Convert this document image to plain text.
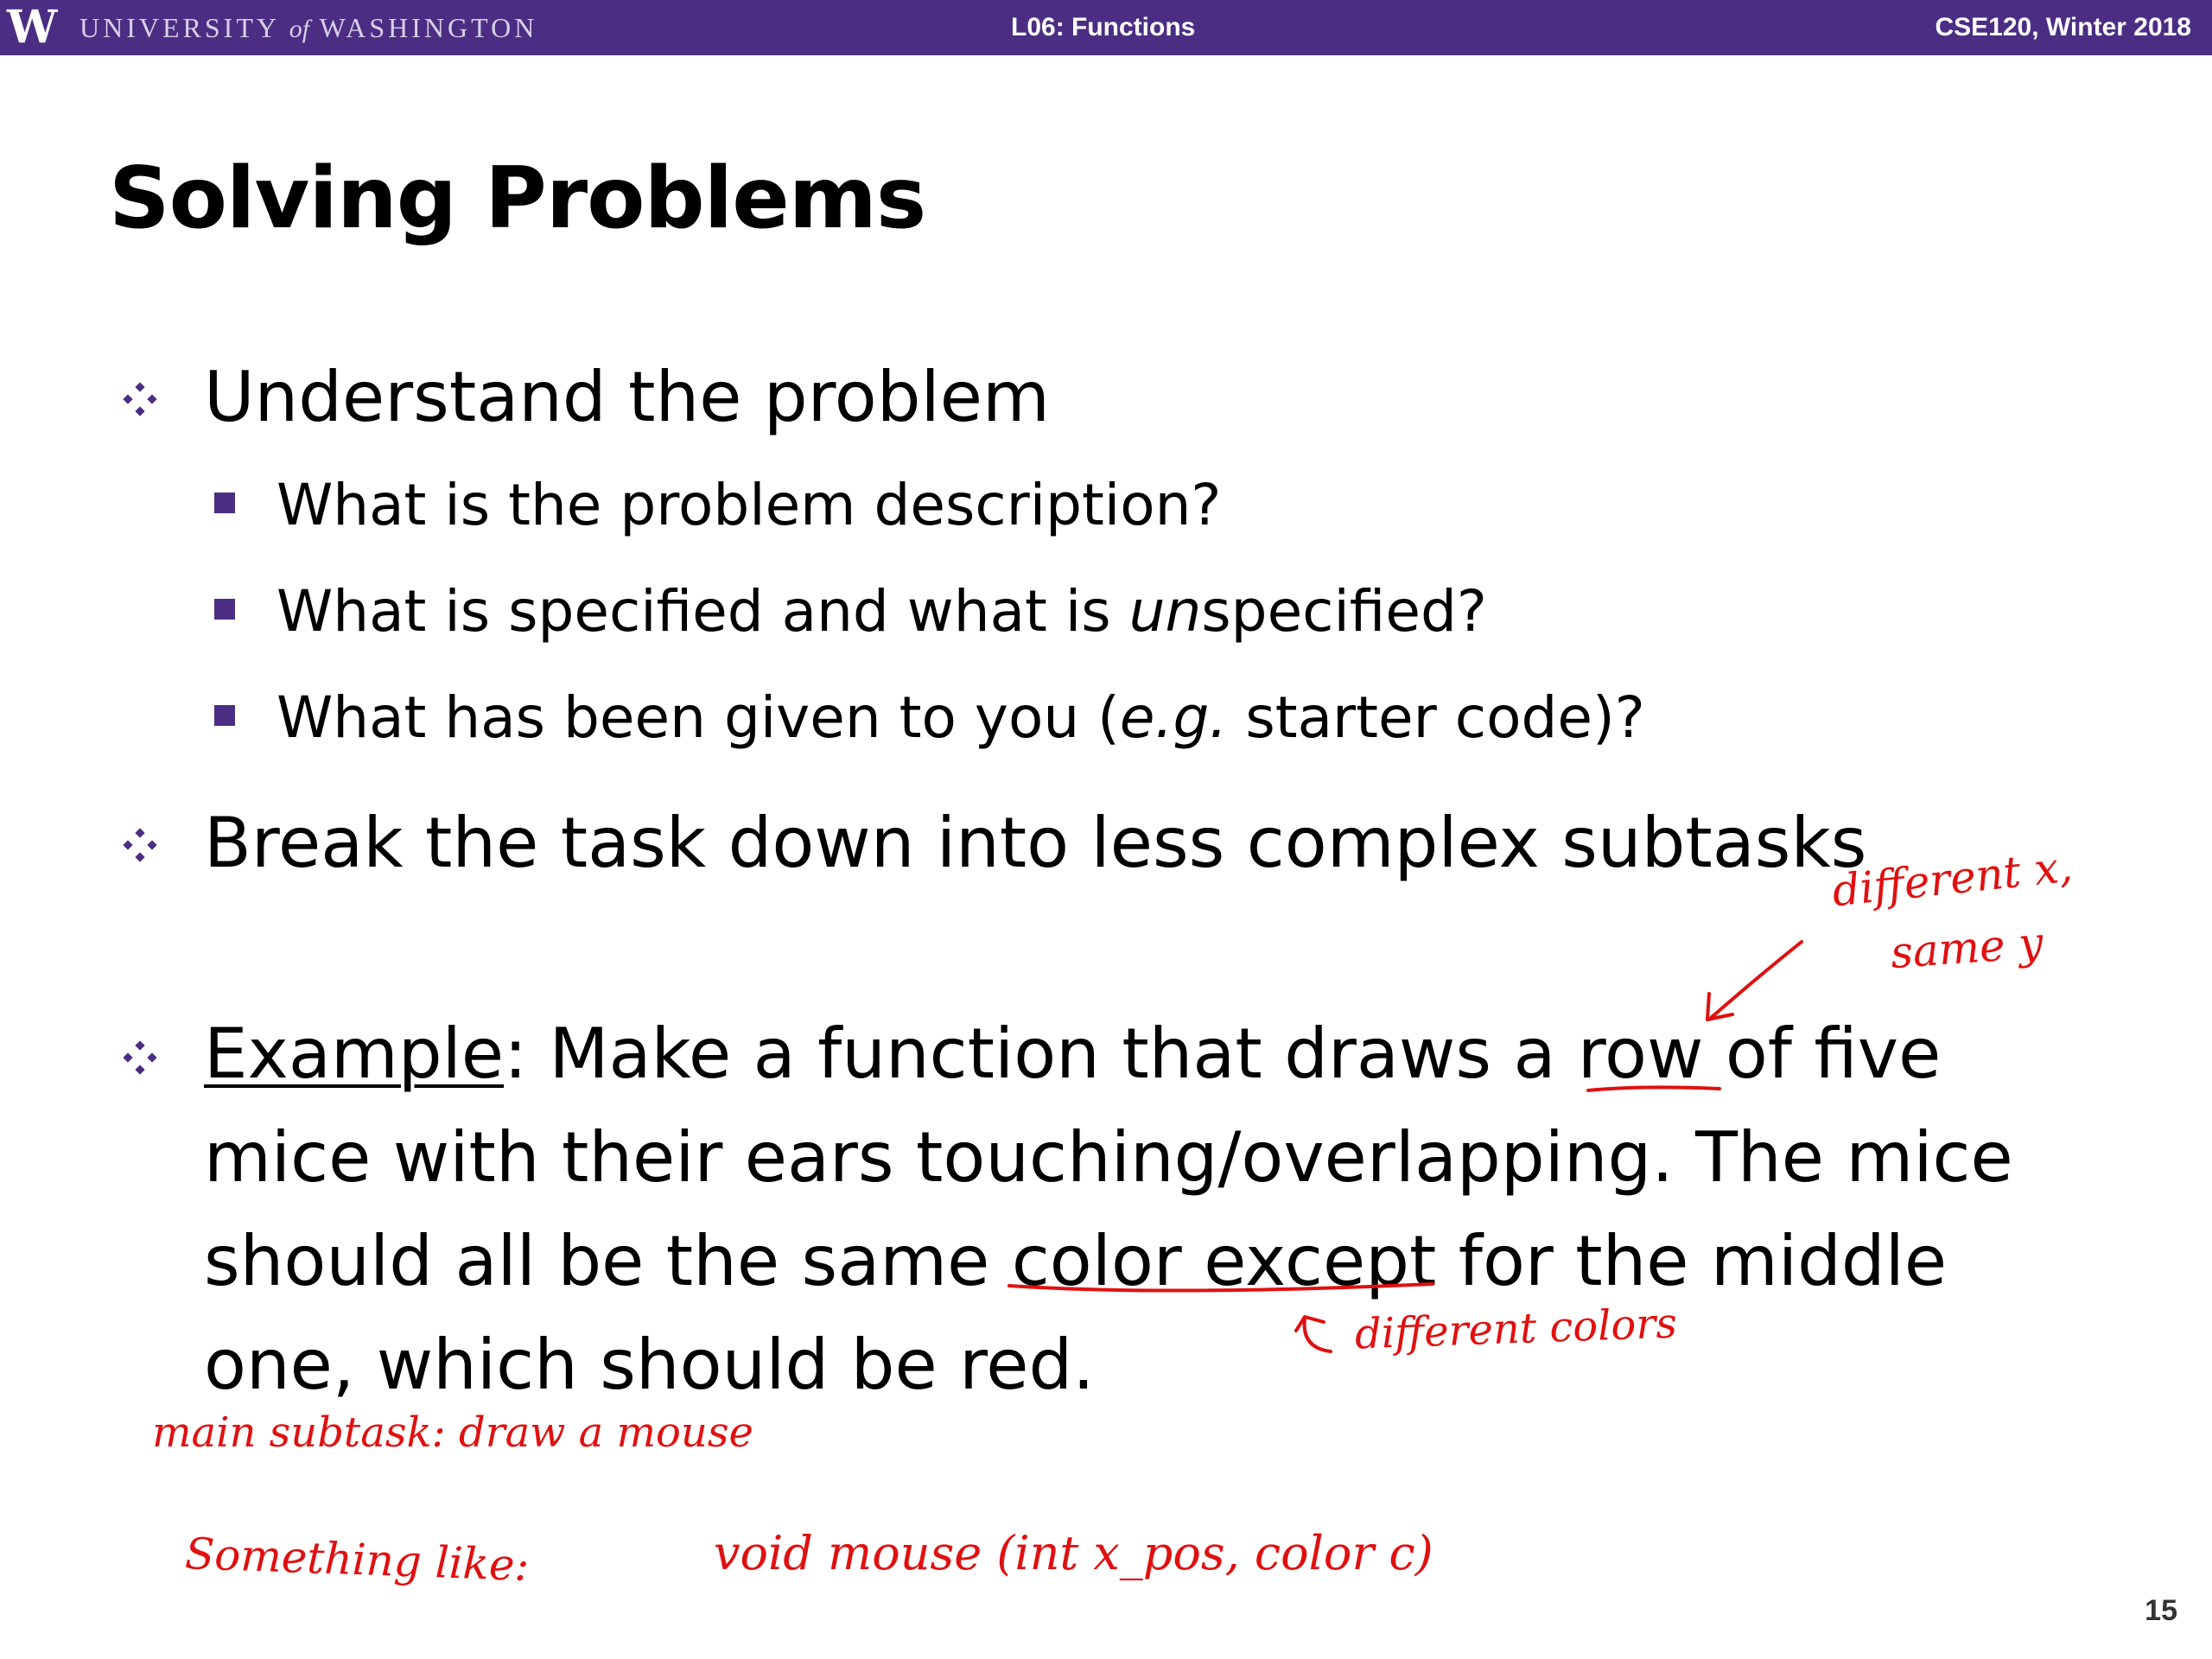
W UNIVERSITY of WASHINGTON	L06: Functions	CSE120, Winter 2018
Solving Problems
Understand the problem
What is the problem description?
What is specified and what is unspecified?
What has been given to you (e.g. starter code)?
Break the task down into less complex subtasks
Example: Make a function that draws a row of five
mice with their ears touching/overlapping. The mice
should all be the same color except for the middle
one, which should be red.
different x,
same y
different colors
main subtask: draw a mouse
Something like:	void mouse (int x_pos, color c)
15
